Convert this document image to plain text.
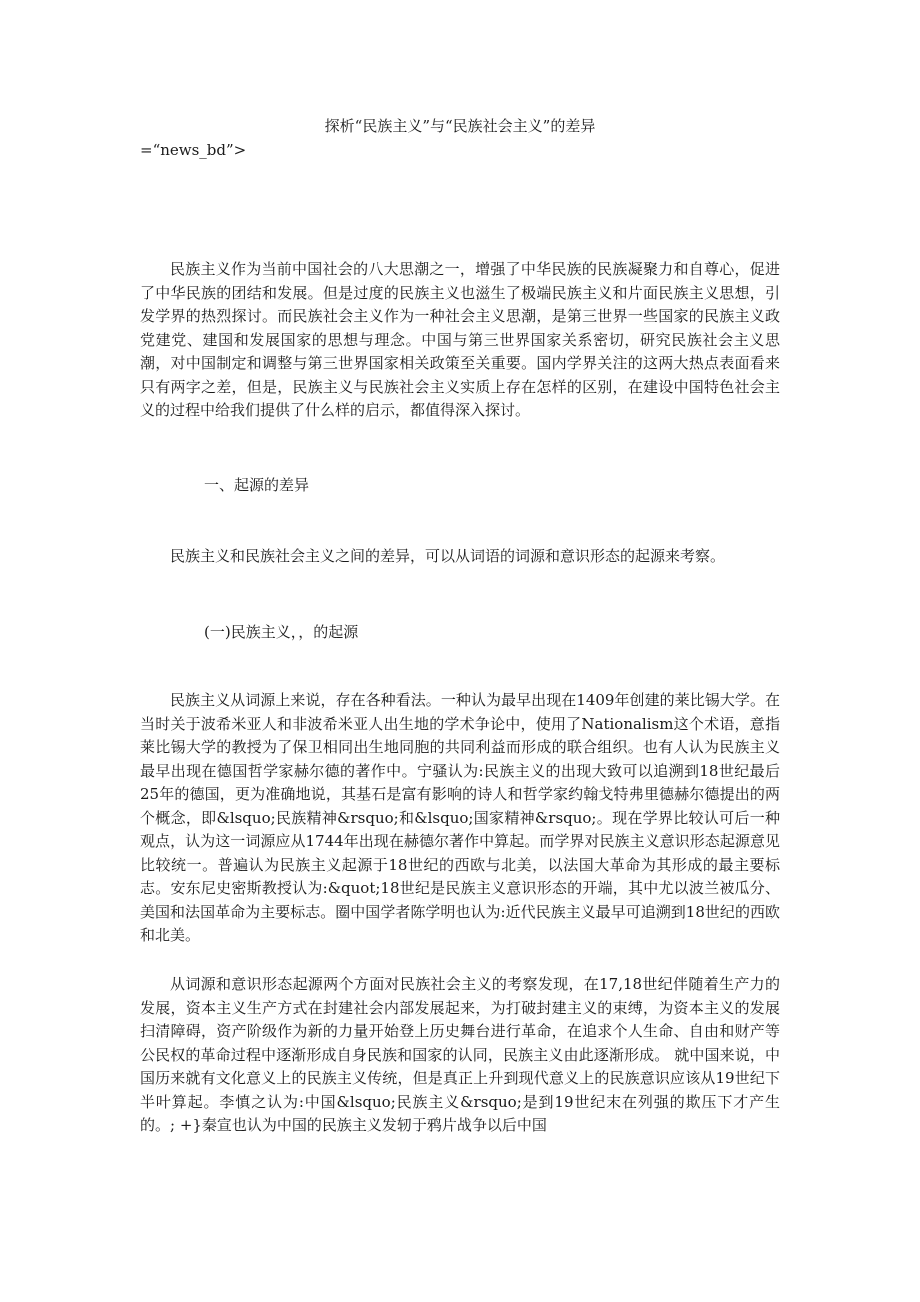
探析“民族主义”与“民族社会主义”的差异
=“news_bd”>

民族主义作为当前中国社会的八大思潮之一，增强了中华民族的民族凝聚力和自尊心，促进了中华民族的团结和发展。但是过度的民族主义也滋生了极端民族主义和片面民族主义思想，引发学界的热烈探讨。而民族社会主义作为一种社会主义思潮，是第三世界一些国家的民族主义政党建党、建国和发展国家的思想与理念。中国与第三世界国家关系密切，研究民族社会主义思潮，对中国制定和调整与第三世界国家相关政策至关重要。国内学界关注的这两大热点表面看来只有两字之差，但是，民族主义与民族社会主义实质上存在怎样的区别，在建设中国特色社会主义的过程中给我们提供了什么样的启示，都值得深入探讨。

一、起源的差异

民族主义和民族社会主义之间的差异，可以从词语的词源和意识形态的起源来考察。

(一)民族主义，，的起源

民族主义从词源上来说，存在各种看法。一种认为最早出现在1409年创建的莱比锡大学。在当时关于波希米亚人和非波希米亚人出生地的学术争论中，使用了Nationalism这个术语，意指莱比锡大学的教授为了保卫相同出生地同胞的共同利益而形成的联合组织。也有人认为民族主义最早出现在德国哲学家赫尔德的著作中。宁骚认为:民族主义的出现大致可以追溯到18世纪最后25年的德国，更为准确地说，其基石是富有影响的诗人和哲学家约翰戈特弗里德赫尔德提出的两个概念，即&lsquo;民族精神&rsquo;和&lsquo;国家精神&rsquo;。现在学界比较认可后一种观点，认为这一词源应从1744年出现在赫德尔著作中算起。而学界对民族主义意识形态起源意见比较统一。普遍认为民族主义起源于18世纪的西欧与北美，以法国大革命为其形成的最主要标志。安东尼史密斯教授认为:&quot;18世纪是民族主义意识形态的开端，其中尤以波兰被瓜分、美国和法国革命为主要标志。圈中国学者陈学明也认为:近代民族主义最早可追溯到18世纪的西欧和北美。

从词源和意识形态起源两个方面对民族社会主义的考察发现，在17,18世纪伴随着生产力的发展，资本主义生产方式在封建社会内部发展起来，为打破封建主义的束缚，为资本主义的发展扫清障碍，资产阶级作为新的力量开始登上历史舞台进行革命，在追求个人生命、自由和财产等公民权的革命过程中逐渐形成自身民族和国家的认同，民族主义由此逐渐形成。 就中国来说，中国历来就有文化意义上的民族主义传统，但是真正上升到现代意义上的民族意识应该从19世纪下半叶算起。李慎之认为:中国&lsquo;民族主义&rsquo;是到19世纪末在列强的欺压下才产生的。; +}秦宣也认为中国的民族主义发轫于鸦片战争以后中国
